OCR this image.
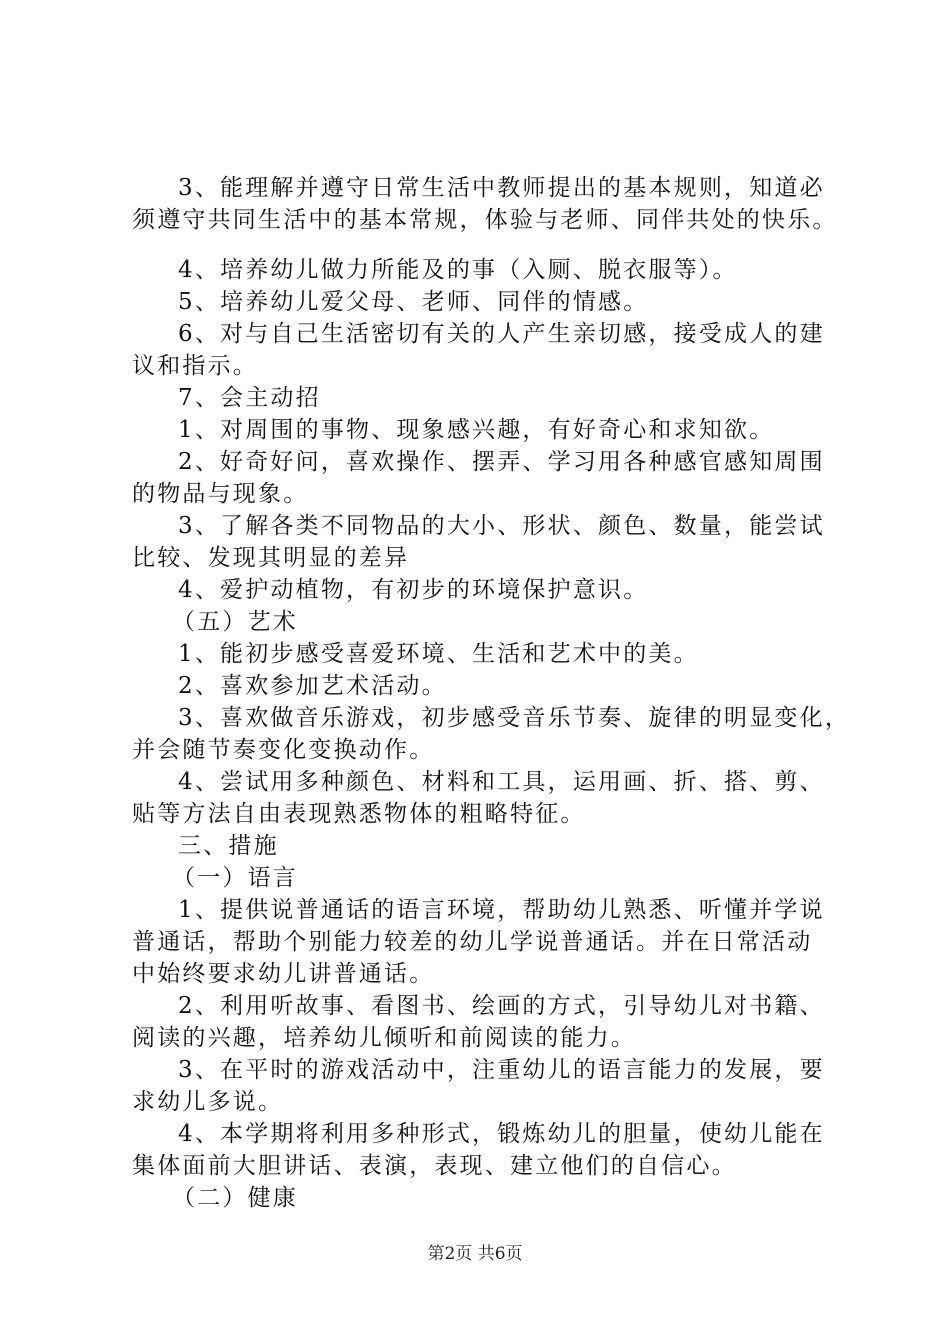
3、能理解并遵守日常生活中教师提出的基本规则，知道必
须遵守共同生活中的基本常规，体验与老师、同伴共处的快乐。
4、培养幼儿做力所能及的事（入厕、脱衣服等）。
5、培养幼儿爱父母、老师、同伴的情感。
6、对与自己生活密切有关的人产生亲切感，接受成人的建
议和指示。
7、会主动招
1、对周围的事物、现象感兴趣，有好奇心和求知欲。
2、好奇好问，喜欢操作、摆弄、学习用各种感官感知周围
的物品与现象。
3、了解各类不同物品的大小、形状、颜色、数量，能尝试
比较、发现其明显的差异
4、爱护动植物，有初步的环境保护意识。
（五）艺术
1、能初步感受喜爱环境、生活和艺术中的美。
2、喜欢参加艺术活动。
3、喜欢做音乐游戏，初步感受音乐节奏、旋律的明显变化，
并会随节奏变化变换动作。
4、尝试用多种颜色、材料和工具，运用画、折、搭、剪、
贴等方法自由表现熟悉物体的粗略特征。
三、措施
（一）语言
1、提供说普通话的语言环境，帮助幼儿熟悉、听懂并学说
普通话，帮助个别能力较差的幼儿学说普通话。并在日常活动
中始终要求幼儿讲普通话。
2、利用听故事、看图书、绘画的方式，引导幼儿对书籍、
阅读的兴趣，培养幼儿倾听和前阅读的能力。
3、在平时的游戏活动中，注重幼儿的语言能力的发展，要
求幼儿多说。
4、本学期将利用多种形式，锻炼幼儿的胆量，使幼儿能在
集体面前大胆讲话、表演，表现、建立他们的自信心。
（二）健康
第2页 共6页
